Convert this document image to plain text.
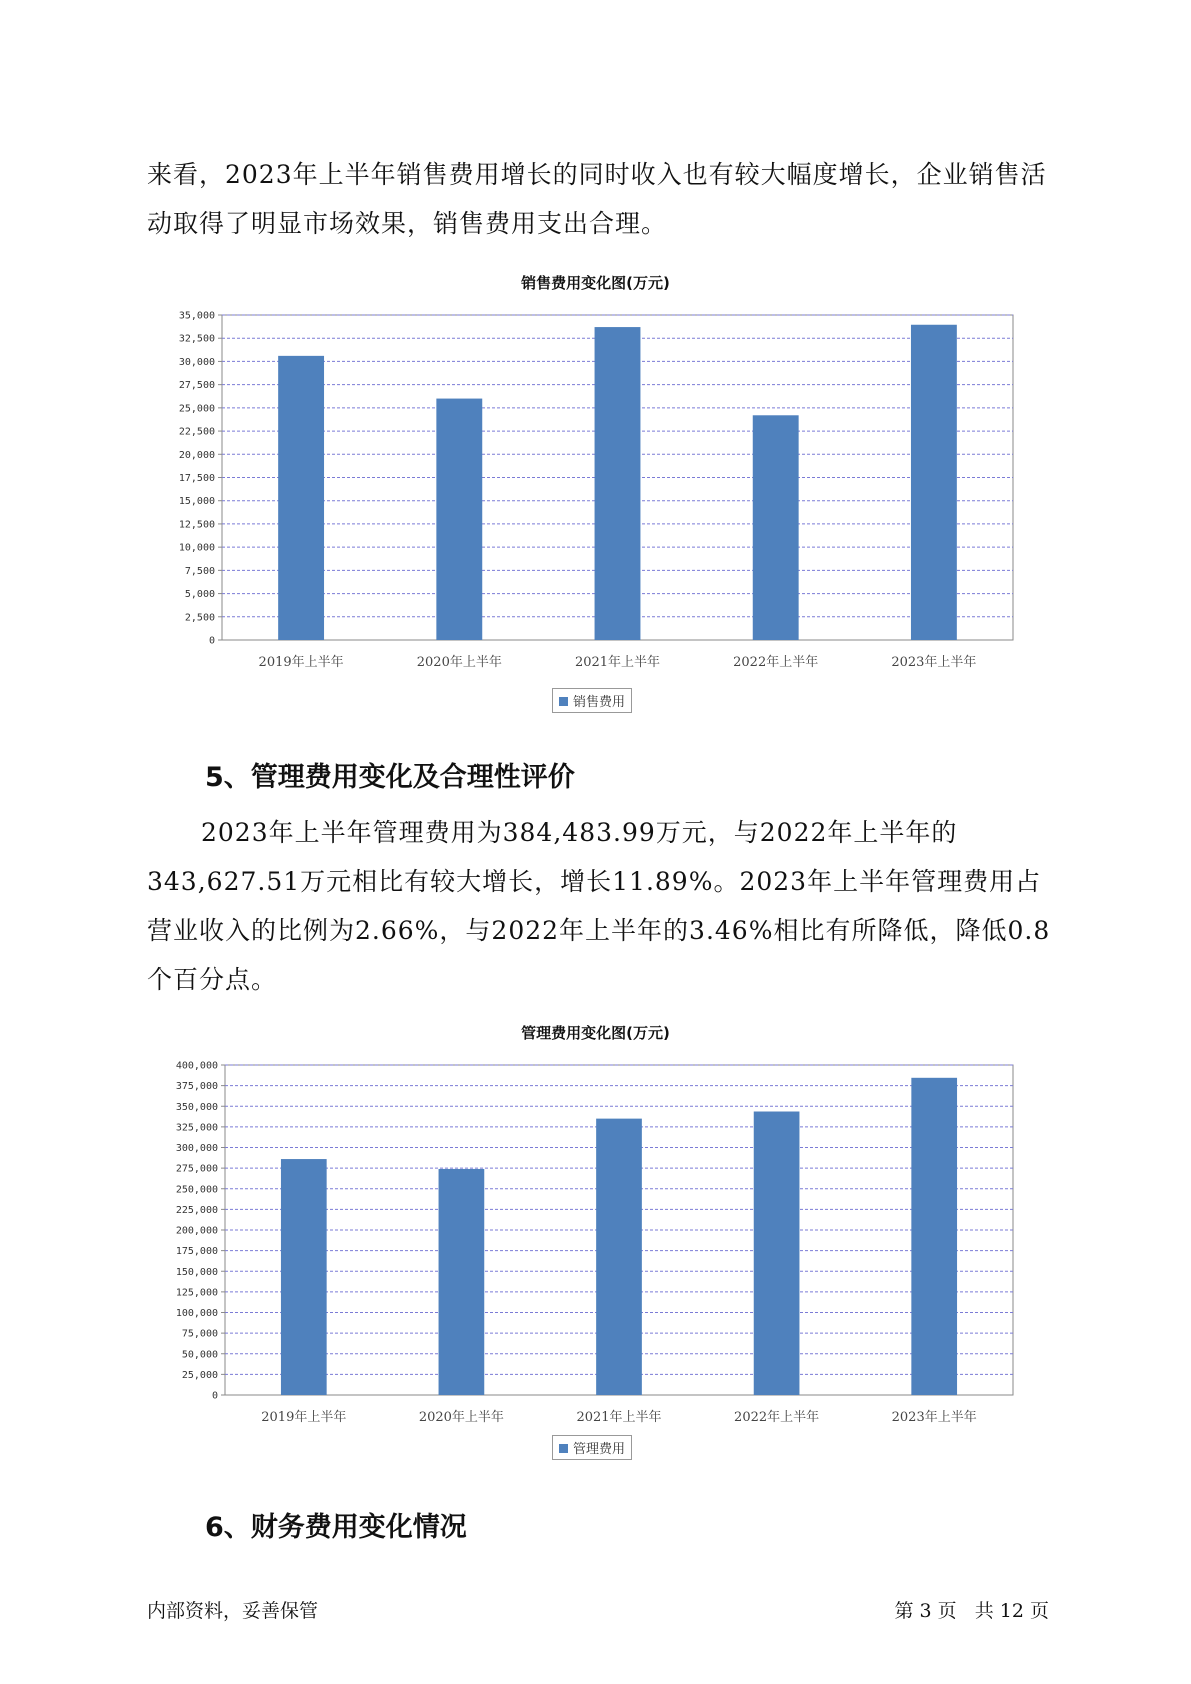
来看，2023年上半年销售费用增长的同时收入也有较大幅度增长，企业销售活动取得了明显市场效果，销售费用支出合理。

销售费用变化图(万元)
0
2,500
5,000
7,500
10,000
12,500
15,000
17,500
20,000
22,500
25,000
27,500
30,000
32,500
35,000
2019年上半年	2020年上半年	2021年上半年	2022年上半年	2023年上半年
销售费用
5、管理费用变化及合理性评价

2023年上半年管理费用为384,483.99万元，与2022年上半年的343,627.51万元相比有较大增长，增长11.89%。2023年上半年管理费用占营业收入的比例为2.66%，与2022年上半年的3.46%相比有所降低，降低0.8个百分点。

管理费用变化图(万元)
0
25,000
50,000
75,000
100,000
125,000
150,000
175,000
200,000
225,000
250,000
275,000
300,000
325,000
350,000
375,000
400,000
2019年上半年	2020年上半年	2021年上半年	2022年上半年	2023年上半年
管理费用
6、财务费用变化情况
内部资料，妥善保管	第 3 页   共 12 页
